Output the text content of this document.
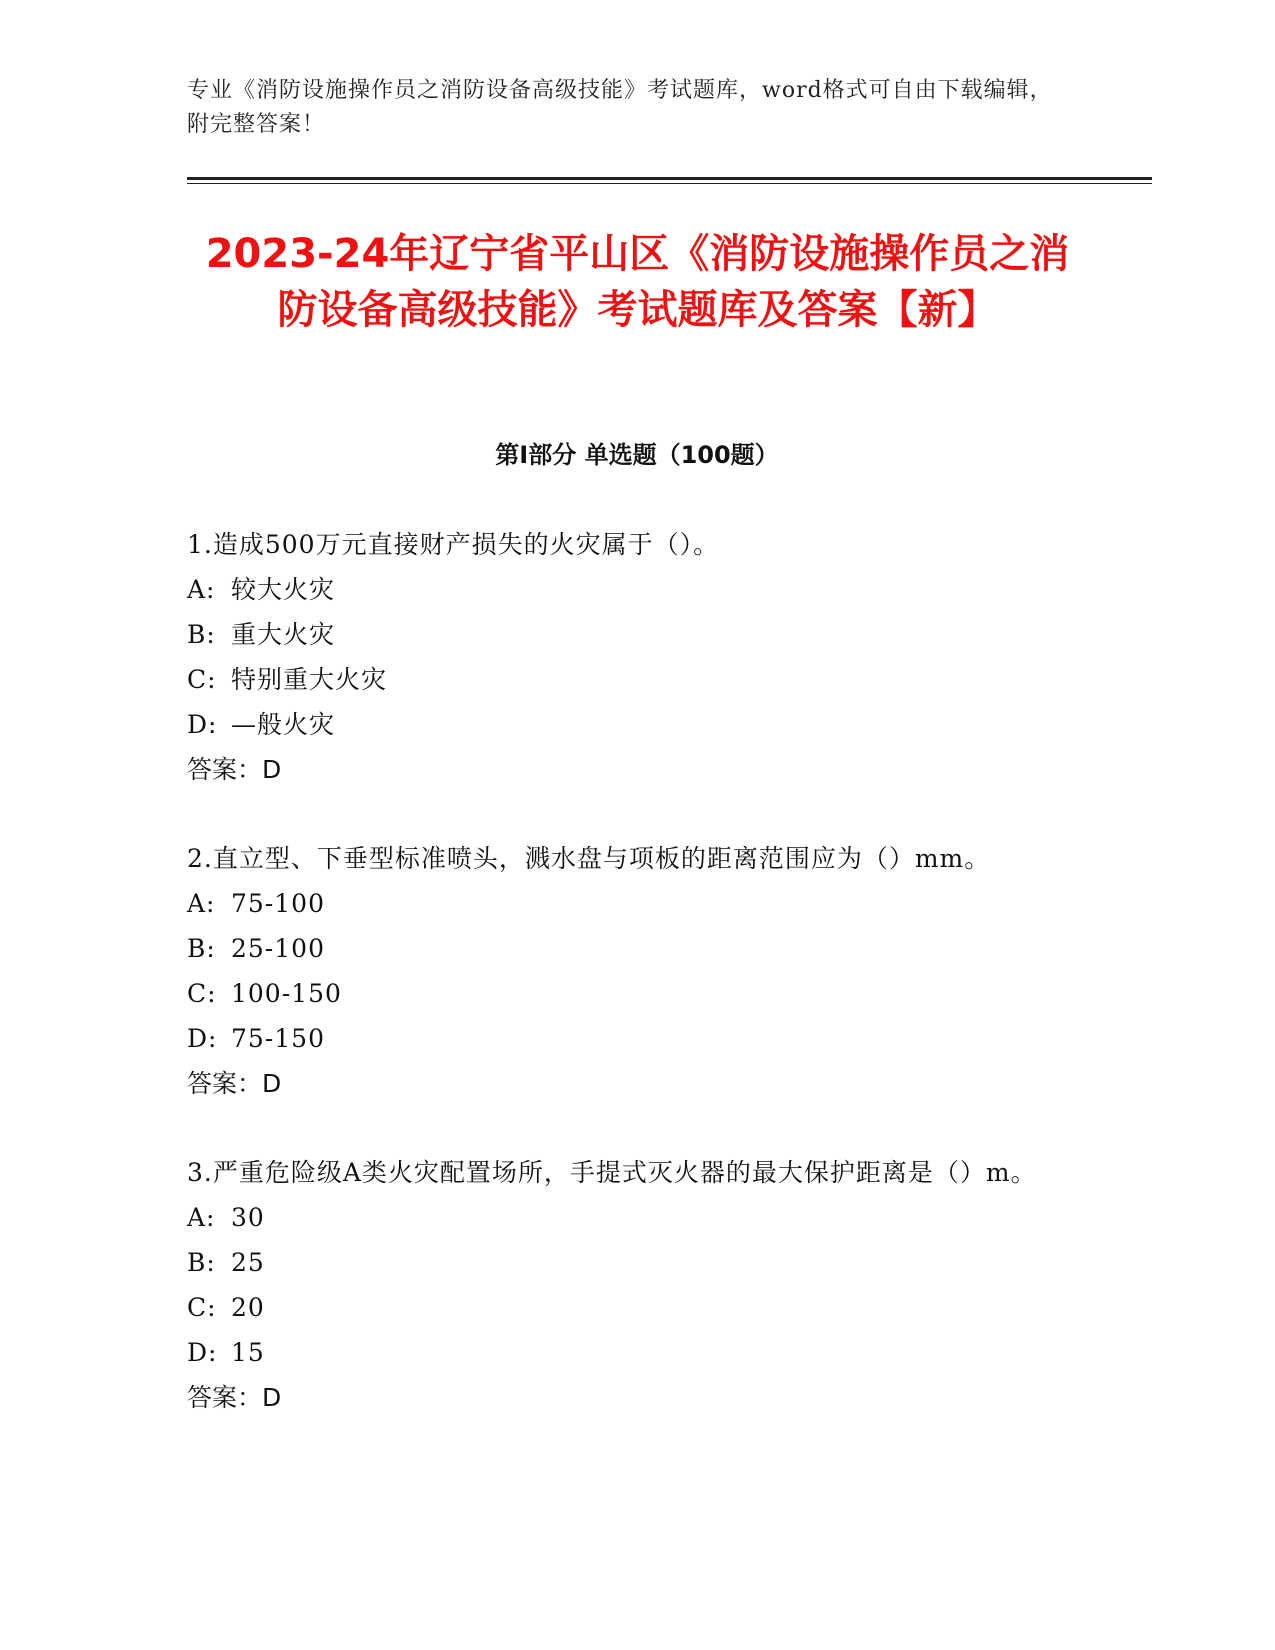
专业《消防设施操作员之消防设备高级技能》考试题库，word格式可自由下载编辑，附完整答案！
2023-24年辽宁省平山区《消防设施操作员之消防设备高级技能》考试题库及答案【新】
第I部分 单选题（100题）
1.造成500万元直接财产损失的火灾属于（）。
A: 较大火灾
B: 重大火灾
C: 特别重大火灾
D: —般火灾
答案：D
2.直立型、下垂型标准喷头，溅水盘与项板的距离范围应为（）mm。
A: 75-100
B: 25-100
C: 100-150
D: 75-150
答案：D
3.严重危险级A类火灾配置场所，手提式灭火器的最大保护距离是（）m。
A: 30
B: 25
C: 20
D: 15
答案：D
